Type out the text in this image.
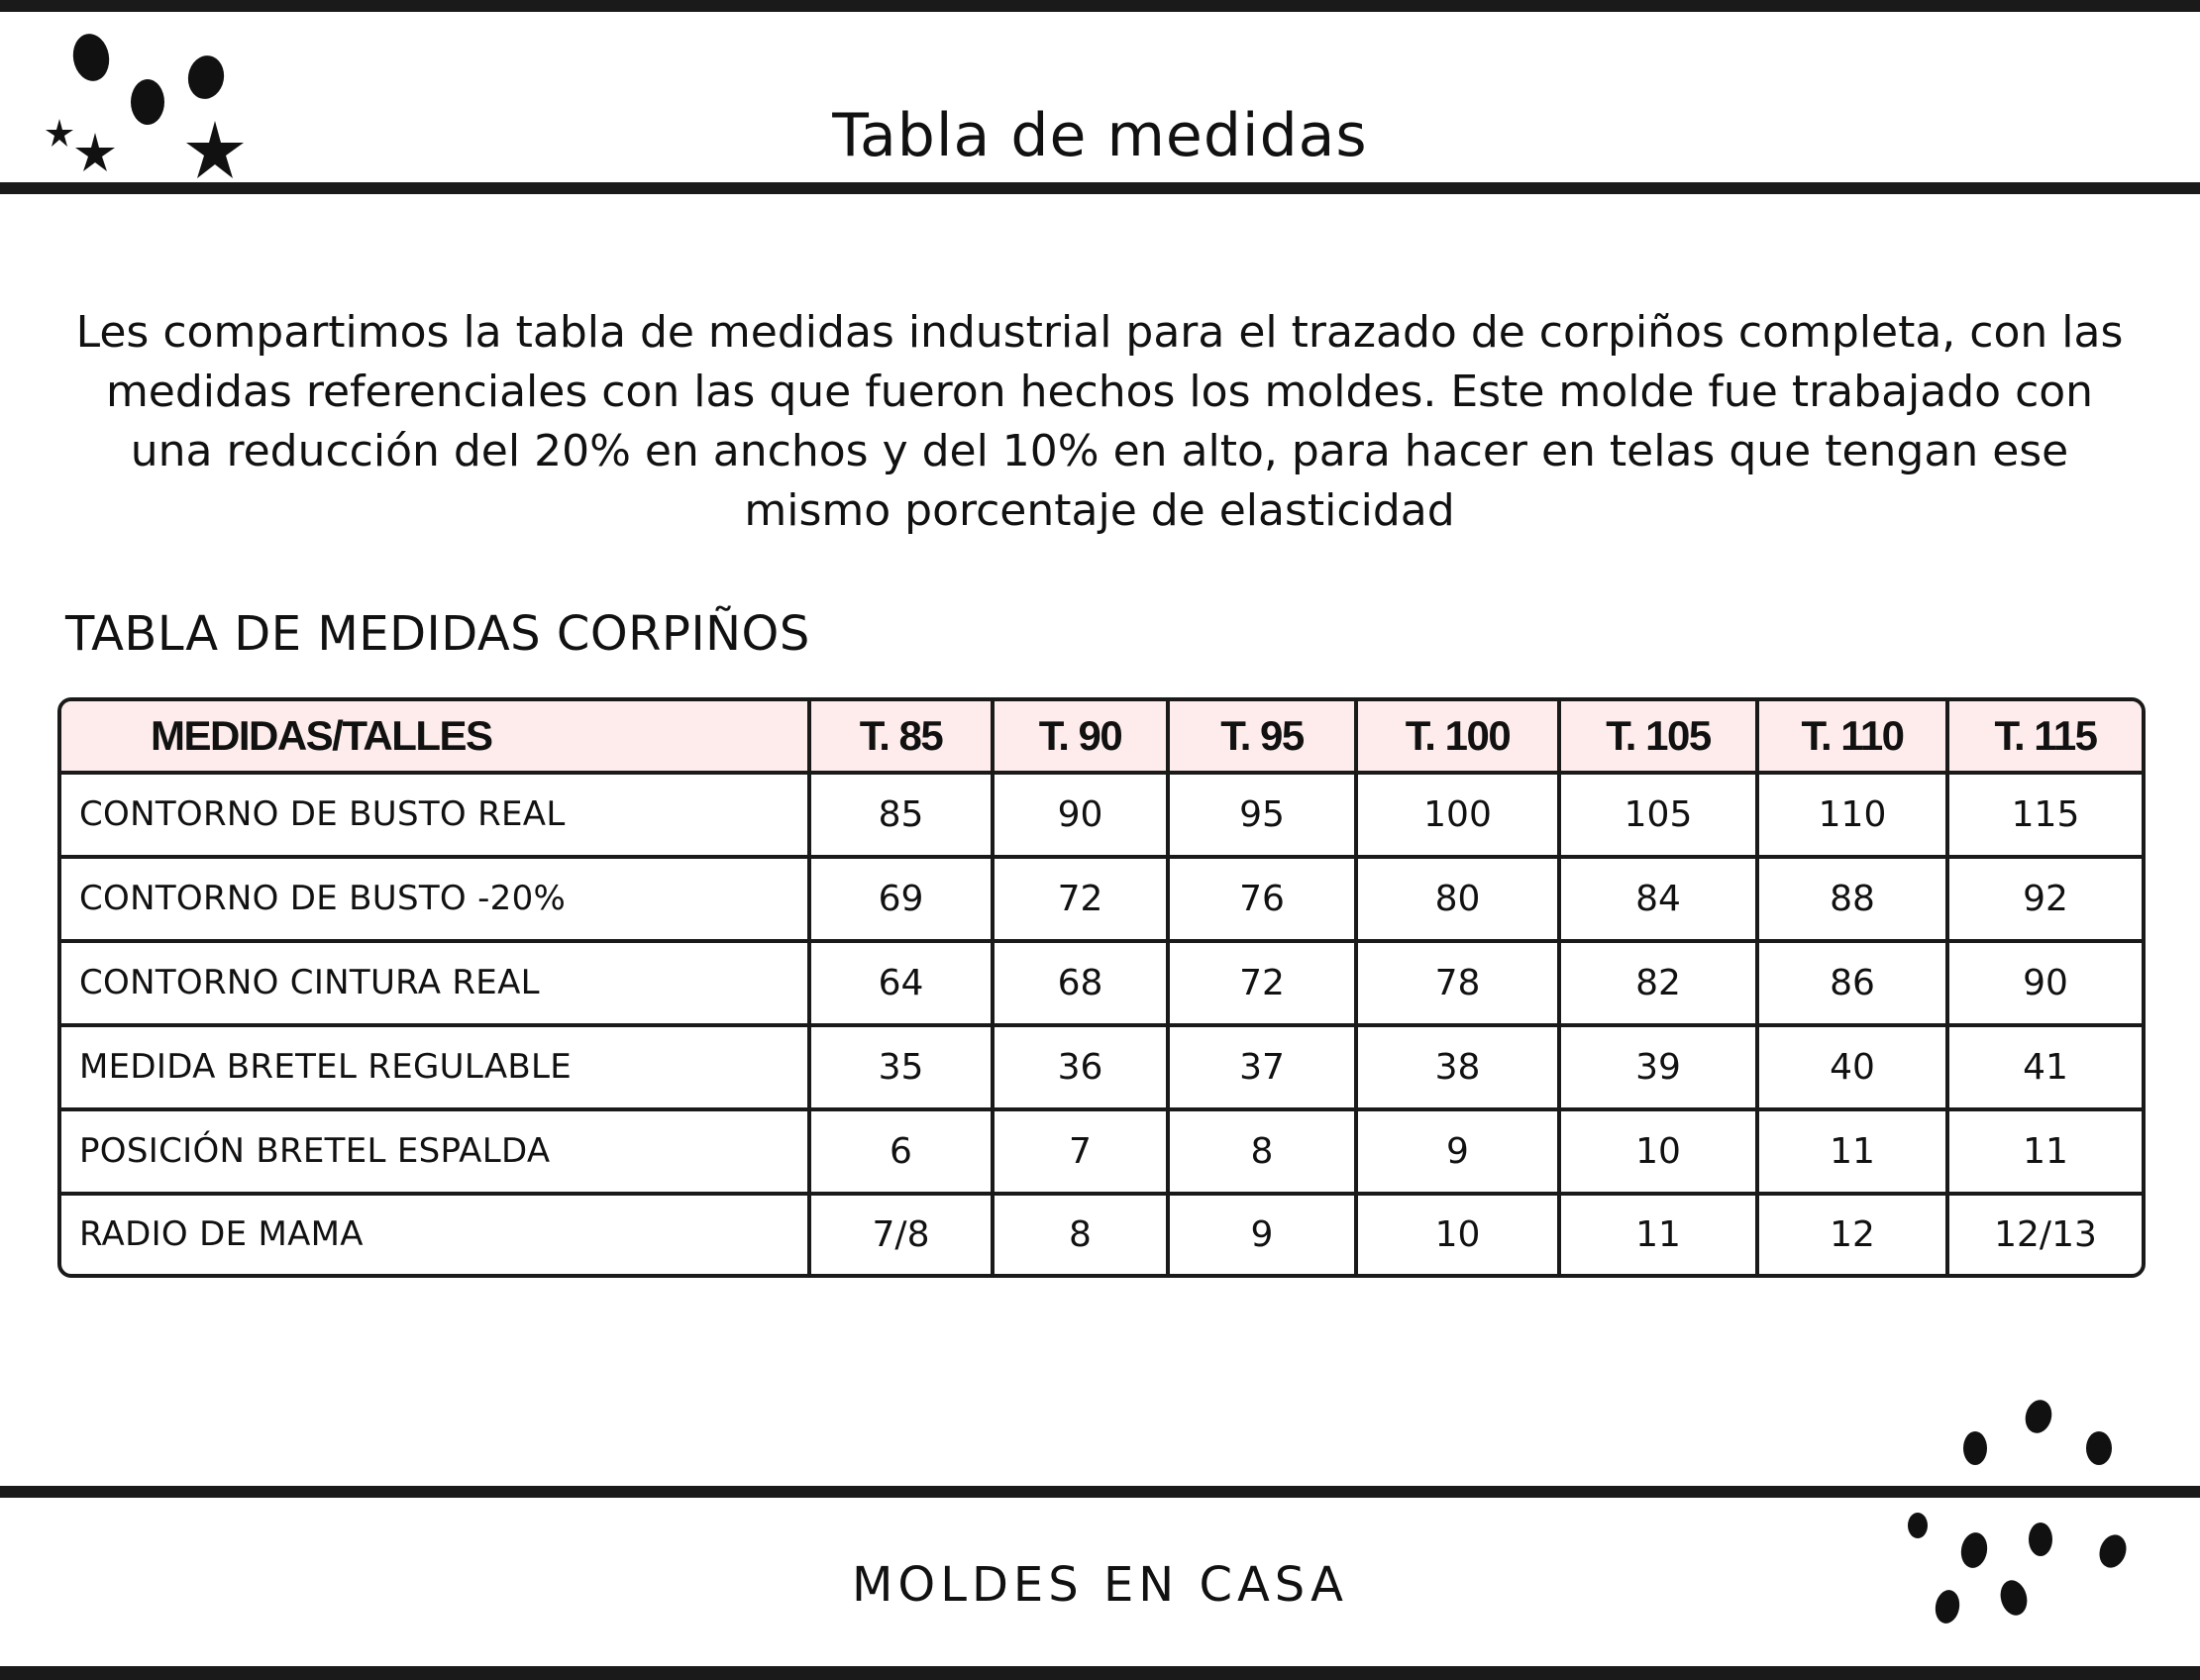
Tabla de medidas

Les compartimos la tabla de medidas industrial para el trazado de corpiños completa, con las medidas referenciales con las que fueron hechos los moldes. Este molde fue trabajado con una reducción del 20% en anchos y del 10% en alto, para hacer en telas que tengan ese mismo porcentaje de elasticidad

TABLA DE MEDIDAS CORPIÑOS
MEDIDAS/TALLES	T. 85	T. 90	T. 95	T. 100	T. 105	T. 110	T. 115
CONTORNO DE BUSTO REAL	85	90	95	100	105	110	115
CONTORNO DE BUSTO -20%	69	72	76	80	84	88	92
CONTORNO CINTURA REAL	64	68	72	78	82	86	90
MEDIDA BRETEL REGULABLE	35	36	37	38	39	40	41
POSICIÓN BRETEL ESPALDA	6	7	8	9	10	11	11
RADIO DE MAMA	7/8	8	9	10	11	12	12/13
MOLDES EN CASA
